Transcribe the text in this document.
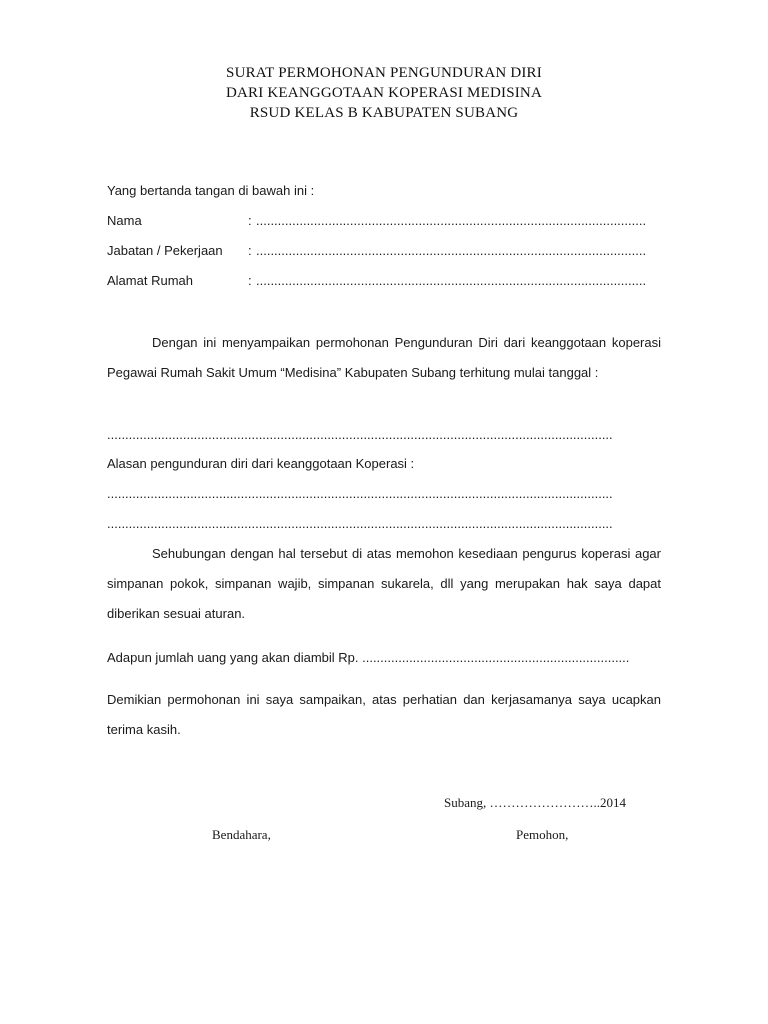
SURAT PERMOHONAN PENGUNDURAN DIRI
DARI KEANGGOTAAN KOPERASI MEDISINA
RSUD KELAS B KABUPATEN SUBANG
Yang bertanda tangan di bawah ini :
Nama	: ............................................................................................................
Jabatan / Pekerjaan : ............................................................................................................
Alamat Rumah	: ............................................................................................................
Dengan ini menyampaikan permohonan Pengunduran Diri dari keanggotaan koperasi Pegawai Rumah Sakit Umum “Medisina” Kabupaten Subang terhitung mulai tanggal :
............................................................................................................................................
Alasan pengunduran diri dari keanggotaan Koperasi :
............................................................................................................................................
............................................................................................................................................
Sehubungan dengan hal tersebut di atas memohon kesediaan pengurus koperasi agar simpanan pokok, simpanan wajib, simpanan sukarela, dll yang merupakan hak saya dapat diberikan sesuai aturan.
Adapun jumlah uang yang akan diambil Rp. ..........................................................................
Demikian permohonan ini saya sampaikan, atas perhatian dan kerjasamanya saya ucapkan terima kasih.
Subang, ……………………..2014
Bendahara,	Pemohon,
